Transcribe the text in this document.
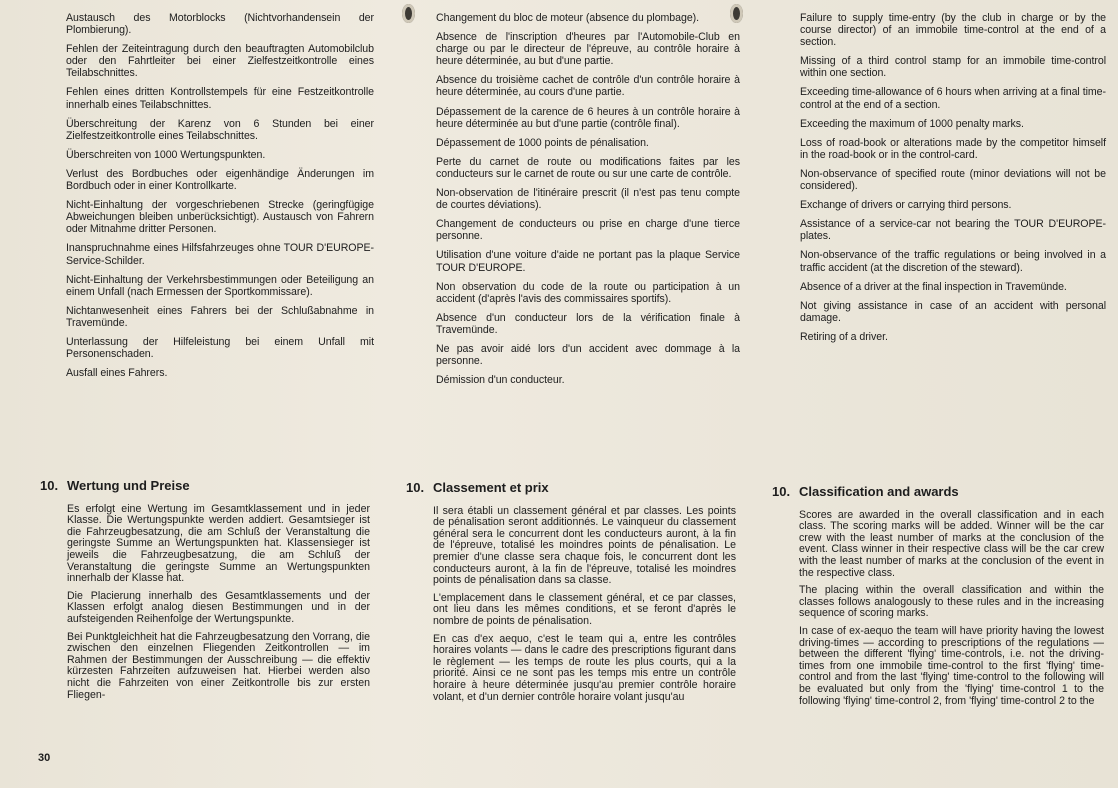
Austausch des Motorblocks (Nichtvorhandensein der Plombierung).

Fehlen der Zeiteintragung durch den beauftragten Automobilclub oder den Fahrtleiter bei einer Zielfestzeitkontrolle eines Teilabschnittes.

Fehlen eines dritten Kontrollstempels für eine Festzeitkontrolle innerhalb eines Teilabschnittes.

Überschreitung der Karenz von 6 Stunden bei einer Zielfestzeitkontrolle eines Teilabschnittes.

Überschreiten von 1000 Wertungspunkten.

Verlust des Bordbuches oder eigenhändige Änderungen im Bordbuch oder in einer Kontrollkarte.

Nicht-Einhaltung der vorgeschriebenen Strecke (geringfügige Abweichungen bleiben unberücksichtigt). Austausch von Fahrern oder Mitnahme dritter Personen.

Inanspruchnahme eines Hilfsfahrzeuges ohne TOUR D'EUROPE-Service-Schilder.

Nicht-Einhaltung der Verkehrsbestimmungen oder Beteiligung an einem Unfall (nach Ermessen der Sportkommissare).

Nichtanwesenheit eines Fahrers bei der Schlußabnahme in Travemünde.

Unterlassung der Hilfeleistung bei einem Unfall mit Personenschaden.

Ausfall eines Fahrers.

Changement du bloc de moteur (absence du plombage).

Absence de l'inscription d'heures par l'Automobile-Club en charge ou par le directeur de l'épreuve, au contrôle horaire à heure déterminée, au but d'une partie.

Absence du troisième cachet de contrôle d'un contrôle horaire à heure déterminée, au cours d'une partie.

Dépassement de la carence de 6 heures à un contrôle horaire à heure déterminée au but d'une partie (contrôle final).

Dépassement de 1000 points de pénalisation.

Perte du carnet de route ou modifications faites par les conducteurs sur le carnet de route ou sur une carte de contrôle.

Non-observation de l'itinéraire prescrit (il n'est pas tenu compte de courtes déviations).

Changement de conducteurs ou prise en charge d'une tierce personne.

Utilisation d'une voiture d'aide ne portant pas la plaque Service TOUR D'EUROPE.

Non observation du code de la route ou participation à un accident (d'après l'avis des commissaires sportifs).

Absence d'un conducteur lors de la vérification finale à Travemünde.

Ne pas avoir aidé lors d'un accident avec dommage à la personne.

Démission d'un conducteur.

Failure to supply time-entry (by the club in charge or by the course director) of an immobile time-control at the end of a section.

Missing of a third control stamp for an immobile time-control within one section.

Exceeding time-allowance of 6 hours when arriving at a final time-control at the end of a section.

Exceeding the maximum of 1000 penalty marks.

Loss of road-book or alterations made by the competitor himself in the road-book or in the control-card.

Non-observance of specified route (minor deviations will not be considered).

Exchange of drivers or carrying third persons.

Assistance of a service-car not bearing the TOUR D'EUROPE-plates.

Non-observance of the traffic regulations or being involved in a traffic accident (at the discretion of the steward).

Absence of a driver at the final inspection in Travemünde.

Not giving assistance in case of an accident with personal damage.

Retiring of a driver.

10. Wertung und Preise

Es erfolgt eine Wertung im Gesamtklassement und in jeder Klasse. Die Wertungspunkte werden addiert. Gesamtsieger ist die Fahrzeugbesatzung, die am Schluß der Veranstaltung die geringste Summe an Wertungspunkten hat. Klassensieger ist jeweils die Fahrzeugbesatzung, die am Schluß der Veranstaltung die geringste Summe an Wertungspunkten innerhalb der Klasse hat.

Die Placierung innerhalb des Gesamtklassements und der Klassen erfolgt analog diesen Bestimmungen und in der aufsteigenden Reihenfolge der Wertungspunkte.

Bei Punktgleichheit hat die Fahrzeugbesatzung den Vorrang, die zwischen den einzelnen Fliegenden Zeitkontrollen — im Rahmen der Bestimmungen der Ausschreibung — die effektiv kürzesten Fahrzeiten aufzuweisen hat. Hierbei werden also nicht die Fahrzeiten von einer Zeitkontrolle bis zur ersten Fliegen-

10. Classement et prix

Il sera établi un classement général et par classes. Les points de pénalisation seront additionnés. Le vainqueur du classement général sera le concurrent dont les conducteurs auront, à la fin de l'épreuve, totalisé les moindres points de pénalisation. Le premier d'une classe sera chaque fois, le concurrent dont les conducteurs auront, à la fin de l'épreuve, totalisé les moindres points de pénalisation dans sa classe.

L'emplacement dans le classement général, et ce par classes, ont lieu dans les mêmes conditions, et se feront d'après le nombre de points de pénalisation.

En cas d'ex aequo, c'est le team qui a, entre les contrôles horaires volants — dans le cadre des prescriptions figurant dans le règlement — les temps de route les plus courts, qui a la priorité. Ainsi ce ne sont pas les temps mis entre un contrôle horaire à heure déterminée jusqu'au premier contrôle horaire volant, et d'un dernier contrôle horaire volant jusqu'au

10. Classification and awards

Scores are awarded in the overall classification and in each class. The scoring marks will be added. Winner will be the car crew with the least number of marks at the conclusion of the event. Class winner in their respective class will be the car crew with the least number of marks at the conclusion of the event in the respective class.

The placing within the overall classification and within the classes follows analogously to these rules and in the increasing sequence of scoring marks.

In case of ex-aequo the team will have priority having the lowest driving-times — according to prescriptions of the regulations — between the different 'flying' time-controls, i.e. not the driving-times from one immobile time-control to the first 'flying' time-control and from the last 'flying' time-control to the following will be evaluated but only from the 'flying' time-control 1 to the following 'flying' time-control 2, from 'flying' time-control 2 to the

30
